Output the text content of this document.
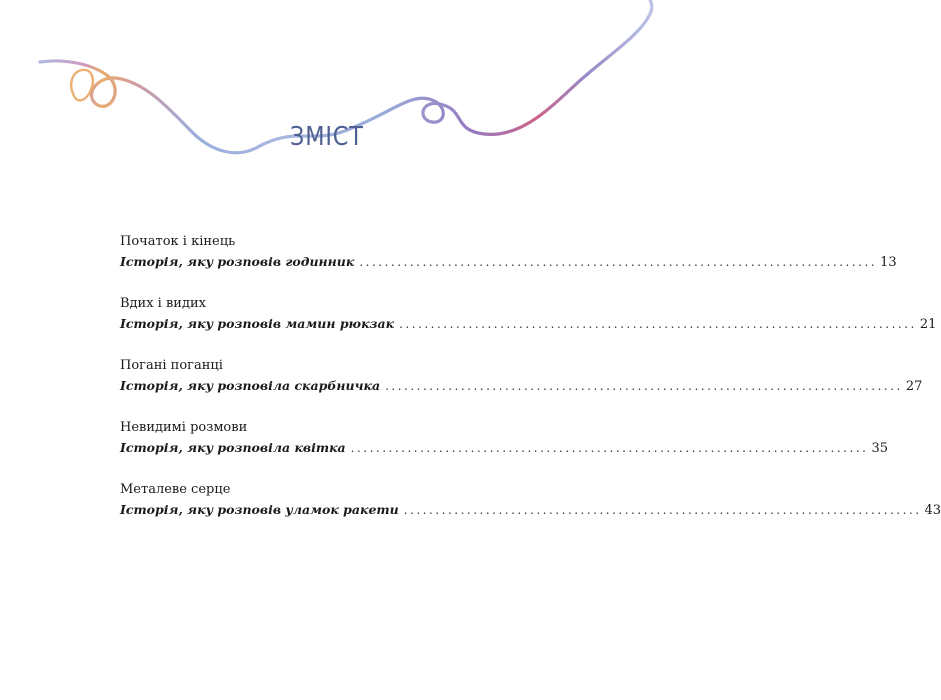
ЗМІСТ
Початок і кінець
Історія, яку розповів годинник .................................................................................. 13
Вдих і видих
Історія, яку розповів мамин рюкзак .................................................................................. 21
Погані поганці
Історія, яку розповіла скарбничка .................................................................................. 27
Невидимі розмови
Історія, яку розповіла квітка .................................................................................. 35
Металеве серце
Історія, яку розповів уламок ракети .................................................................................. 43
